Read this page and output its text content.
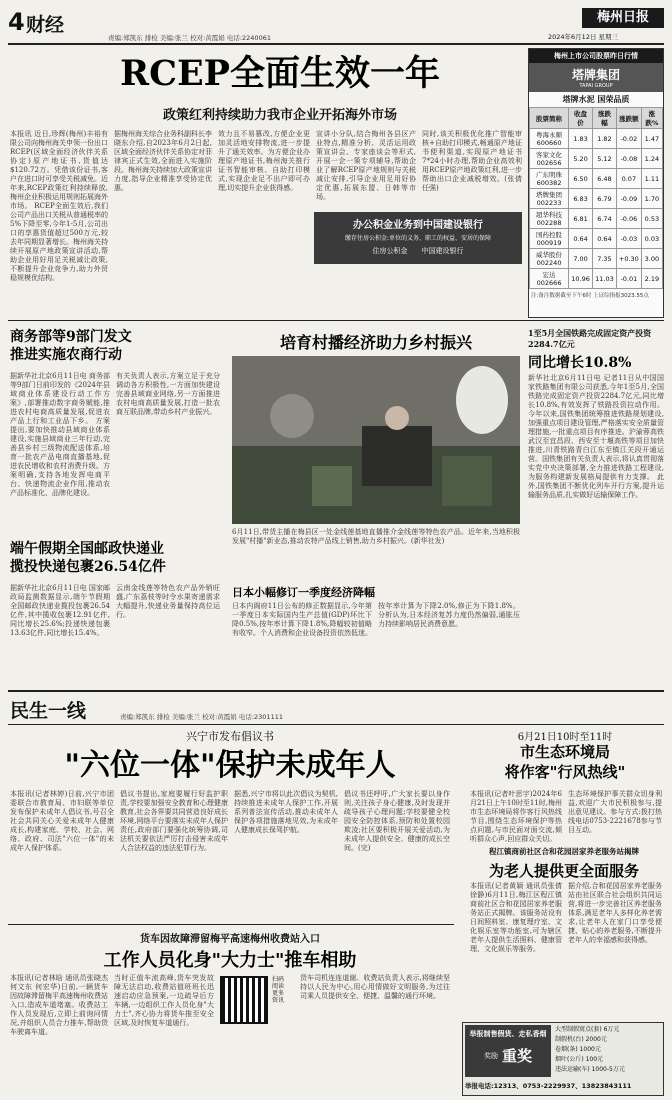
4 财经
责编:郑凯东 排检 美编:张兰 校对:黄霞娟 电话:2240061
梅州日报
2024年6月12日 星期三
RCEP全面生效一年
政策红利持续助力我市企业开拓海外市场
本报讯 近日,珍辉(梅州)丰裕有限公司向梅州海关申领一份出口RCEP(区域全面经济伙伴关系协定)原产地证书,货值达$120.72万。凭借该份证书,客户在进口时可享受关税减免。近年来,RCEP政策红利持续释放,梅州企业积极运用规则拓展海外市场。 RCEP全面生效后,我们公司产品出口关税从普通税率的5%下降至零,今年1-5月,公司出口的享惠货值超过500万元,较去年同期显著增长。梅州海关持续开展原产地政策宣讲活动,帮助企业用好用足关税减让政策,不断提升企业竞争力,助力外贸稳规模优结构。
据梅州海关综合业务科副科长李晓东介绍,自2023年6月2日起,区域全面经济伙伴关系协定对菲律宾正式生效,全面进入实施阶段。梅州海关持续加大政策宣讲力度,指导企业精准享受协定优惠。
效力且不易篡改,方便企业更加灵活地安排物流,进一步提升了通关效率。为方便企业办理原产地证书,梅州海关推行证书智能审核、自助打印模式,实现企业足不出户即可办理,切实提升企业获得感。
宣讲小分队,结合梅州各县区产业特点,精准分析、灵活运用政策宣讲会、专家座谈会等形式,开展一企一策专项辅导,帮助企业了解RCEP原产地规则与关税减让安排,引导企业用足用好协定优惠,拓展东盟、日韩等市场。
同时,该关积极优化推广智能审核+自助打印模式,畅通原产地证书便利渠道,实现原产地证书7*24小时办理,帮助企业高效利用RCEP原产地政策红利,进一步帮助出口企业减税增效。(张倩 任强)
办公积金业务到中国建设银行
缴存住房公积金:单位的义务、职工的权益、安居的保障
住房公积金 中国建设银行
梅州上市公司股票昨日行情
塔牌集团
TAPAI GROUP
塔牌水泥 国荣品质
股票简称	收盘价	涨跌幅	涨跌额	涨跌%
粤海永顺 600660	1.83	1.82	-0.02	1.47
客家文化 002656	5.20	5.12	-0.08	1.24
广东明珠 600382	6.50	6.48	0.07	1.11
塔牌集团 002233	6.83	6.79	-0.09	1.70
超华科技 002288	6.81	6.74	-0.06	0.53
国药控股 000919	0.64	0.64	-0.03	0.03
威华股份 002240	7.00	7.35	+0.30	3.00
宏达 002666	10.96	11.03	-0.01	2.19
注:备注数据截至下午6时 上证综指报3023.55点
商务部等9部门发文
推进实施农商行动
据新华社北京6月11日电 商务部等9部门日前印发的《2024年县域商业体系建设行动工作方案》,部署推动数字商务赋能,推进农村电商高质量发展,促进农产品上行和工业品下乡。 方案提出,要加快推动县域商业体系建设,实施县域商业三年行动,完善县乡村三级物流配送体系,培育一批农产品电商直播基地,促进农民增收和农村消费升级。方案明确,支持各地发挥电商平台、快递物流企业作用,推动农产品标准化、品牌化建设。
有关负责人表示,方案立足于充分调动各方积极性,一方面加快建设完善县域商业网络,另一方面推进农村电商高质量发展,打造一批农商互联品牌,带动乡村产业振兴。
培育村播经济助力乡村振兴
6月11日,带货主播在梅县区一处金线莲基地直播推介金线莲等特色农产品。近年来,当地积极发展"村播"新业态,推动农特产品线上销售,助力乡村振兴。(新华社发)
1至5月全国铁路完成固定资产投资2284.7亿元
同比增长10.8%
新华社北京6月11日电 记者11日从中国国家铁路集团有限公司获悉,今年1至5月,全国铁路完成固定资产投资2284.7亿元,同比增长10.8%,有效发挥了铁路投资拉动作用。 今年以来,国铁集团统筹推进铁路规划建设,加强重点项目建设管理,严格落实安全质量管理措施,一批重点项目有序推进。沪渝蓉高铁武汉至宜昌段、西安至十堰高铁等项目加快推进,川青铁路青白江东至镇江关段开通运营。国铁集团有关负责人表示,将认真贯彻落实党中央决策部署,全力推进铁路工程建设,为服务构建新发展格局提供有力支撑。 此外,国铁集团不断优化列车开行方案,提升运输服务品质,扎实做好运输保障工作。
端午假期全国邮政快递业
揽投快递包裹26.54亿件
据新华社北京6月11日电 国家邮政局监测数据显示,端午节假期全国邮政快递业揽投包裹26.54亿件,其中揽收包裹12.91亿件,同比增长25.6%;投递快递包裹13.63亿件,同比增长15.4%。
云南金线莲等特色农产品外销旺盛,广东荔枝等时令水果寄递需求大幅提升,快递业务量保持高位运行。
日本小幅修订一季度经济降幅
日本内阁府11日公布的修正数据显示,今年第一季度日本实际国内生产总值(GDP)环比下降0.5%,按年率计算下降1.8%,降幅较初值略有收窄。个人消费和企业设备投资依然低迷。
按年率计算为下降2.0%,修正为下降1.8%。分析认为,日本经济复苏力度仍然偏弱,通胀压力持续影响居民消费意愿。
民生一线	责编:郑凯东 排检 美编:张兰 校对:黄霞娟 电话:2301111
兴宁市发布倡议书
"六位一体"保护未成年人
本报讯(记者林婷)日前,兴宁市团委联合市教育局、市妇联等单位发布保护未成年人倡议书,号召全社会共同关心关爱未成年人健康成长,构建家庭、学校、社会、网络、政府、司法"六位一体"的未成年人保护体系。
倡议书提出,家庭要履行好监护职责,学校要加强安全教育和心理健康教育,社会各界要共同营造良好成长环境,网络平台要落实未成年人保护责任,政府部门要强化统筹协调,司法机关要依法严厉打击侵害未成年人合法权益的违法犯罪行为。
据悉,兴宁市将以此次倡议为契机,持续推进未成年人保护工作,开展系列普法宣传活动,推动未成年人保护各项措施落地见效,为未成年人健康成长保驾护航。
倡议书还呼吁,广大家长要以身作则,关注孩子身心健康,及时发现并疏导孩子心理问题;学校要健全校园安全防控体系,预防和处置校园欺凌;社区要积极开展关爱活动,为未成年人提供安全、健康的成长空间。(完)
6月21日10时至11时
市生态环境局
将作客"行风热线"
本报讯(记者叶思宇)2024年6月21日上午10时至11时,梅州市生态环境局将作客行风热线节目,围绕生态环境保护等热点问题,与市民面对面交流,倾听群众心声,回应群众关切。
生态环境保护事关群众切身利益,欢迎广大市民积极参与,提出意见建议。参与方式:拨打热线电话0753-2221678参与节目互动。
程江镇商前社区合和花园居家养老服务站揭牌
为老人提供更全面服务
本报讯(记者黄颖 通讯员张倩 徐静)6月11日,梅江区程江镇商前社区合和花园居家养老服务站正式揭牌。该服务站设有日间照料室、康复理疗室、文化娱乐室等功能室,可为辖区老年人提供生活照料、健康管理、文化娱乐等服务。
据介绍,合和花园居家养老服务站由社区联合社会组织共同运营,将进一步完善社区养老服务体系,满足老年人多样化养老需求,让老年人在家门口享受便捷、贴心的养老服务,不断提升老年人的幸福感和获得感。
货车因故障滞留梅平高速梅州收费站入口
工作人员化身"大力士"推车相助
本报讯(记者林晗 通讯员张晓杰 何文东 何宏华)日前,一辆货车因故障滞留梅平高速梅州收费站入口,造成车道堵塞。收费站工作人员发现后,立即上前询问情况,并组织人员合力推车,帮助货车驶离车道。
当时正值车流高峰,货车突发故障无法启动,收费站值班班长迅速启动应急预案,一边疏导后方车辆,一边组织工作人员化身"大力士",齐心协力将货车推至安全区域,及时恢复车道通行。
扫码阅读更多资讯
货车司机连连道谢。收费站负责人表示,将继续坚持以人民为中心,用心用情做好文明服务,为过往司乘人员提供安全、便捷、温馨的通行环境。
举报制售假货、走私香烟
奖励 重奖
大型制假窝点(套) 6万元
制假机(台) 2000元
卷烟(条) 1000元
烟叶(公斤) 100元
违法运输(车) 1000-5万元
举报电话:12313、0753-2229937、13823843111
